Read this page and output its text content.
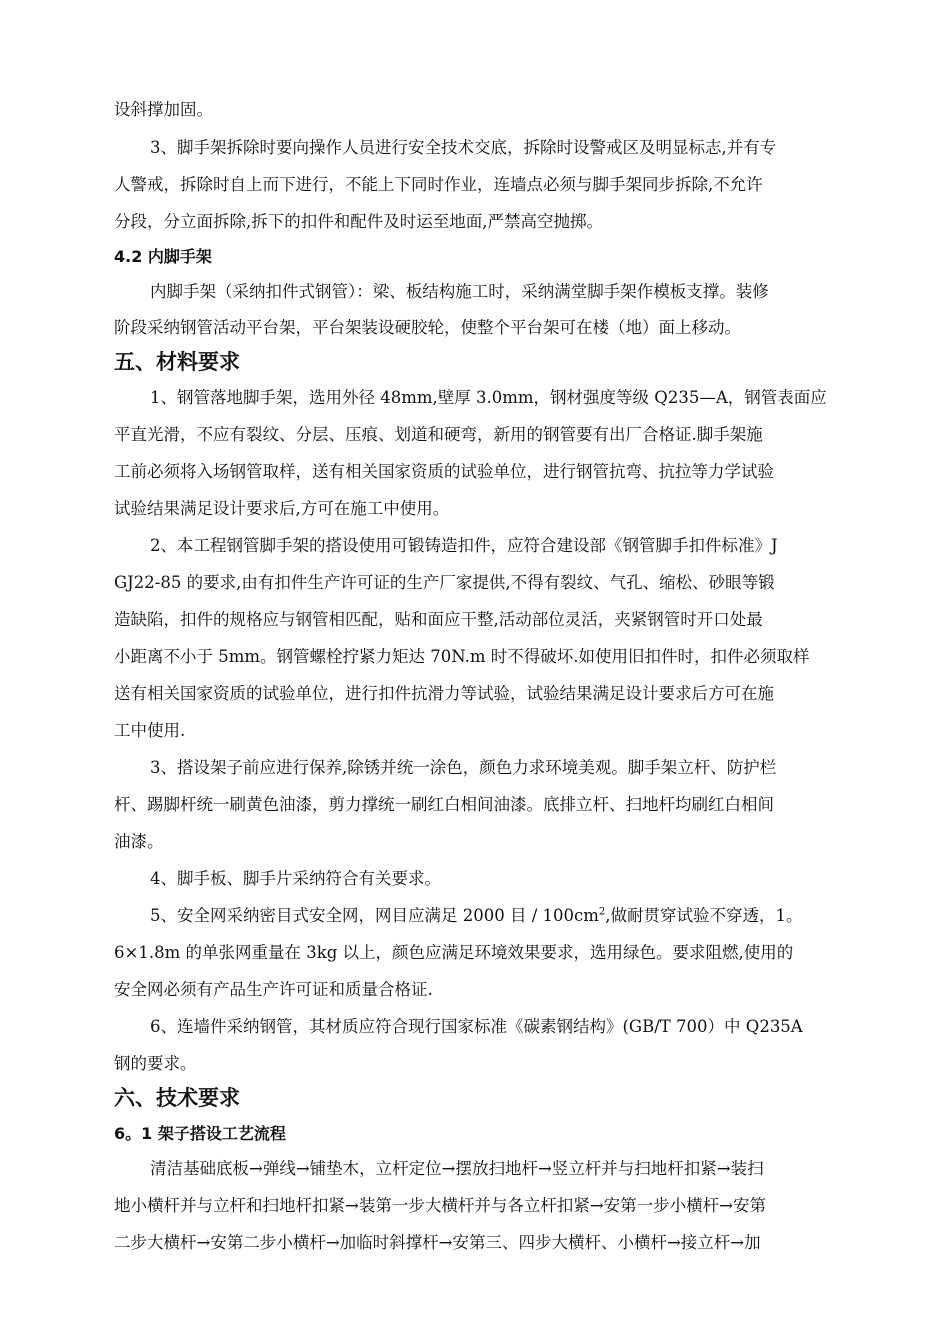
设斜撑加固。
3、脚手架拆除时要向操作人员进行安全技术交底，拆除时设警戒区及明显标志,并有专
人警戒，拆除时自上而下进行，不能上下同时作业，连墙点必须与脚手架同步拆除,不允许
分段，分立面拆除,拆下的扣件和配件及时运至地面,严禁高空抛掷。
4.2 内脚手架
内脚手架（采纳扣件式钢管）：梁、板结构施工时，采纳满堂脚手架作模板支撑。装修
阶段采纳钢管活动平台架，平台架装设硬胶轮，使整个平台架可在楼（地）面上移动。
五、材料要求
1、钢管落地脚手架，选用外径 48mm,壁厚 3.0mm，钢材强度等级 Q235—A，钢管表面应
平直光滑，不应有裂纹、分层、压痕、划道和硬弯，新用的钢管要有出厂合格证.脚手架施
工前必须将入场钢管取样，送有相关国家资质的试验单位，进行钢管抗弯、抗拉等力学试验
试验结果满足设计要求后,方可在施工中使用。
2、本工程钢管脚手架的搭设使用可锻铸造扣件，应符合建设部《钢管脚手扣件标准》J
GJ22-85 的要求,由有扣件生产许可证的生产厂家提供,不得有裂纹、气孔、缩松、砂眼等锻
造缺陷，扣件的规格应与钢管相匹配，贴和面应干整,活动部位灵活，夹紧钢管时开口处最
小距离不小于 5mm。钢管螺栓拧紧力矩达 70N.m 时不得破坏.如使用旧扣件时，扣件必须取样
送有相关国家资质的试验单位，进行扣件抗滑力等试验，试验结果满足设计要求后方可在施
工中使用.
3、搭设架子前应进行保养,除锈并统一涂色，颜色力求环境美观。脚手架立杆、防护栏
杆、踢脚杆统一刷黄色油漆，剪力撑统一刷红白相间油漆。底排立杆、扫地杆均刷红白相间
油漆。
4、脚手板、脚手片采纳符合有关要求。
5、安全网采纳密目式安全网，网目应满足 2000 目 / $100cm^2$,做耐贯穿试验不穿透，1。
6×1.8m 的单张网重量在 3kg 以上，颜色应满足环境效果要求，选用绿色。要求阻燃,使用的
安全网必须有产品生产许可证和质量合格证.
6、连墙件采纳钢管，其材质应符合现行国家标准《碳素钢结构》(GB/T 700）中 Q235A
钢的要求。
六、技术要求
6。1 架子搭设工艺流程
清洁基础底板→弹线→铺垫木，立杆定位→摆放扫地杆→竖立杆并与扫地杆扣紧→装扫
地小横杆并与立杆和扫地杆扣紧→装第一步大横杆并与各立杆扣紧→安第一步小横杆→安第
二步大横杆→安第二步小横杆→加临时斜撑杆→安第三、四步大横杆、小横杆→接立杆→加
